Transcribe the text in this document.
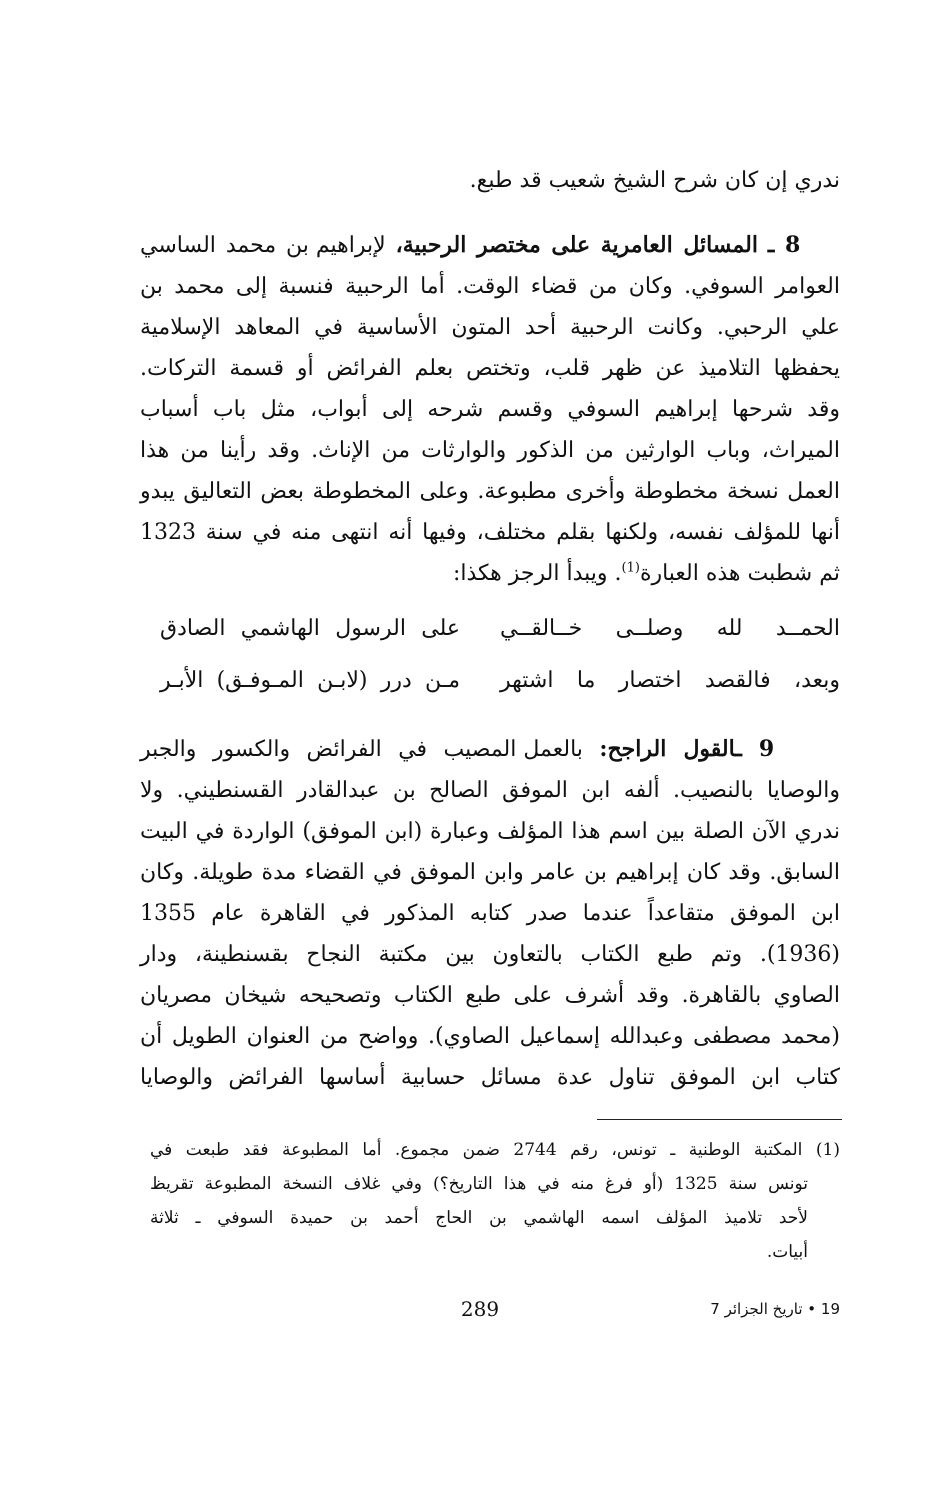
ندري إن كان شرح الشيخ شعيب قد طبع.
8 ـ المسائل العامرية على مختصر الرحبية، لإبراهيم بن محمد الساسي
العوامر السوفي. وكان من قضاء الوقت. أما الرحبية فنسبة إلى محمد بن
علي الرحبي. وكانت الرحبية أحد المتون الأساسية في المعاهد الإسلامية
يحفظها التلاميذ عن ظهر قلب، وتختص بعلم الفرائض أو قسمة التركات.
وقد شرحها إبراهيم السوفي وقسم شرحه إلى أبواب، مثل باب أسباب
الميراث، وباب الوارثين من الذكور والوارثات من الإناث. وقد رأينا من هذا
العمل نسخة مخطوطة وأخرى مطبوعة. وعلى المخطوطة بعض التعاليق يبدو
أنها للمؤلف نفسه، ولكنها بقلم مختلف، وفيها أنه انتهى منه في سنة 1323
ثم شطبت هذه العبارة$^{(1)}$. ويبدأ الرجز هكذا:
الحمــد لله وصلــى خــالقــي
على الرسول الهاشمي الصادق
وبعد، فالقصد اختصار ما اشتهر
مـن درر (لابـن المـوفـق) الأبـر
9 ـالقول الراجح: بالعمل المصيب في الفرائض والكسور والجبر
والوصايا بالنصيب. ألفه ابن الموفق الصالح بن عبدالقادر القسنطيني. ولا
ندري الآن الصلة بين اسم هذا المؤلف وعبارة (ابن الموفق) الواردة في البيت
السابق. وقد كان إبراهيم بن عامر وابن الموفق في القضاء مدة طويلة. وكان
ابن الموفق متقاعداً عندما صدر كتابه المذكور في القاهرة عام 1355
(1936). وتم طبع الكتاب بالتعاون بين مكتبة النجاح بقسنطينة، ودار
الصاوي بالقاهرة. وقد أشرف على طبع الكتاب وتصحيحه شيخان مصريان
(محمد مصطفى وعبدالله إسماعيل الصاوي). وواضح من العنوان الطويل أن
كتاب ابن الموفق تناول عدة مسائل حسابية أساسها الفرائض والوصايا
(1) المكتبة الوطنية ـ تونس، رقم 2744 ضمن مجموع. أما المطبوعة فقد طبعت في
تونس سنة 1325 (أو فرغ منه في هذا التاريخ؟) وفي غلاف النسخة المطبوعة تقريظ
لأحد تلاميذ المؤلف اسمه الهاشمي بن الحاج أحمد بن حميدة السوفي ـ ثلاثة
أبيات.
289	19 • تاريخ الجزائر 7
